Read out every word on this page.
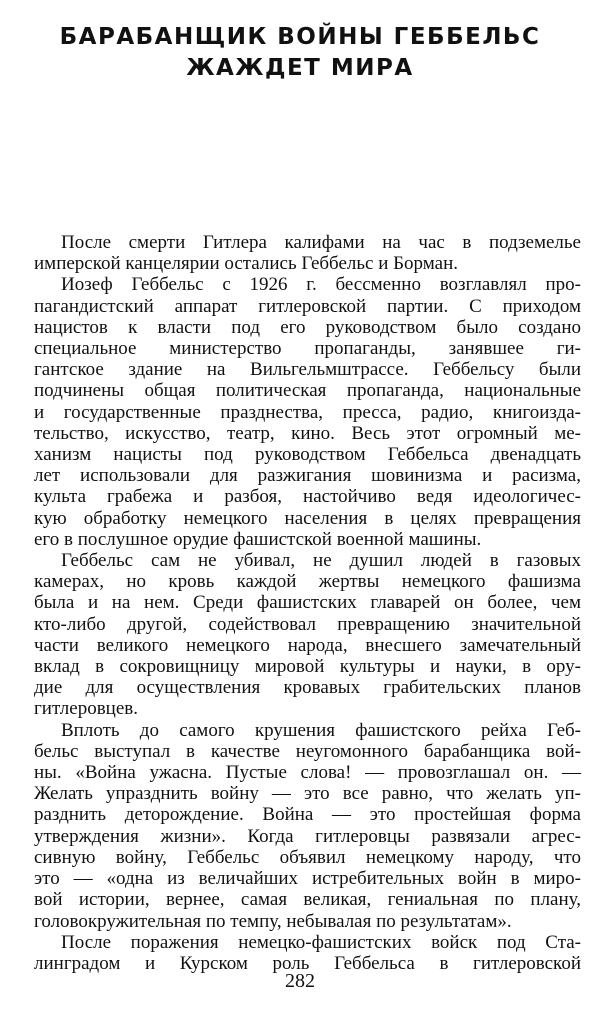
БАРАБАНЩИК ВОЙНЫ ГЕББЕЛЬС
ЖАЖДЕТ МИРА
После смерти Гитлера калифами на час в подземелье
имперской канцелярии остались Геббельс и Борман.
Иозеф Геббельс с 1926 г. бессменно возглавлял про-
пагандистский аппарат гитлеровской партии. С приходом
нацистов к власти под его руководством было создано
специальное министерство пропаганды, занявшее ги-
гантское здание на Вильгельмштрассе. Геббельсу были
подчинены общая политическая пропаганда, национальные
и государственные празднества, пресса, радио, книгоизда-
тельство, искусство, театр, кино. Весь этот огромный ме-
ханизм нацисты под руководством Геббельса двенадцать
лет использовали для разжигания шовинизма и расизма,
культа грабежа и разбоя, настойчиво ведя идеологичес-
кую обработку немецкого населения в целях превращения
его в послушное орудие фашистской военной машины.
Геббельс сам не убивал, не душил людей в газовых
камерах, но кровь каждой жертвы немецкого фашизма
была и на нем. Среди фашистских главарей он более, чем
кто-либо другой, содействовал превращению значительной
части великого немецкого народа, внесшего замечательный
вклад в сокровищницу мировой культуры и науки, в ору-
дие для осуществления кровавых грабительских планов
гитлеровцев.
Вплоть до самого крушения фашистского рейха Геб-
бельс выступал в качестве неугомонного барабанщика вой-
ны. «Война ужасна. Пустые слова! — провозглашал он. —
Желать упразднить войну — это все равно, что желать уп-
разднить деторождение. Война — это простейшая форма
утверждения жизни». Когда гитлеровцы развязали агрес-
сивную войну, Геббельс объявил немецкому народу, что
это — «одна из величайших истребительных войн в миро-
вой истории, вернее, самая великая, гениальная по плану,
головокружительная по темпу, небывалая по результатам».
После поражения немецко-фашистских войск под Ста-
линградом и Курском роль Геббельса в гитлеровской
282
